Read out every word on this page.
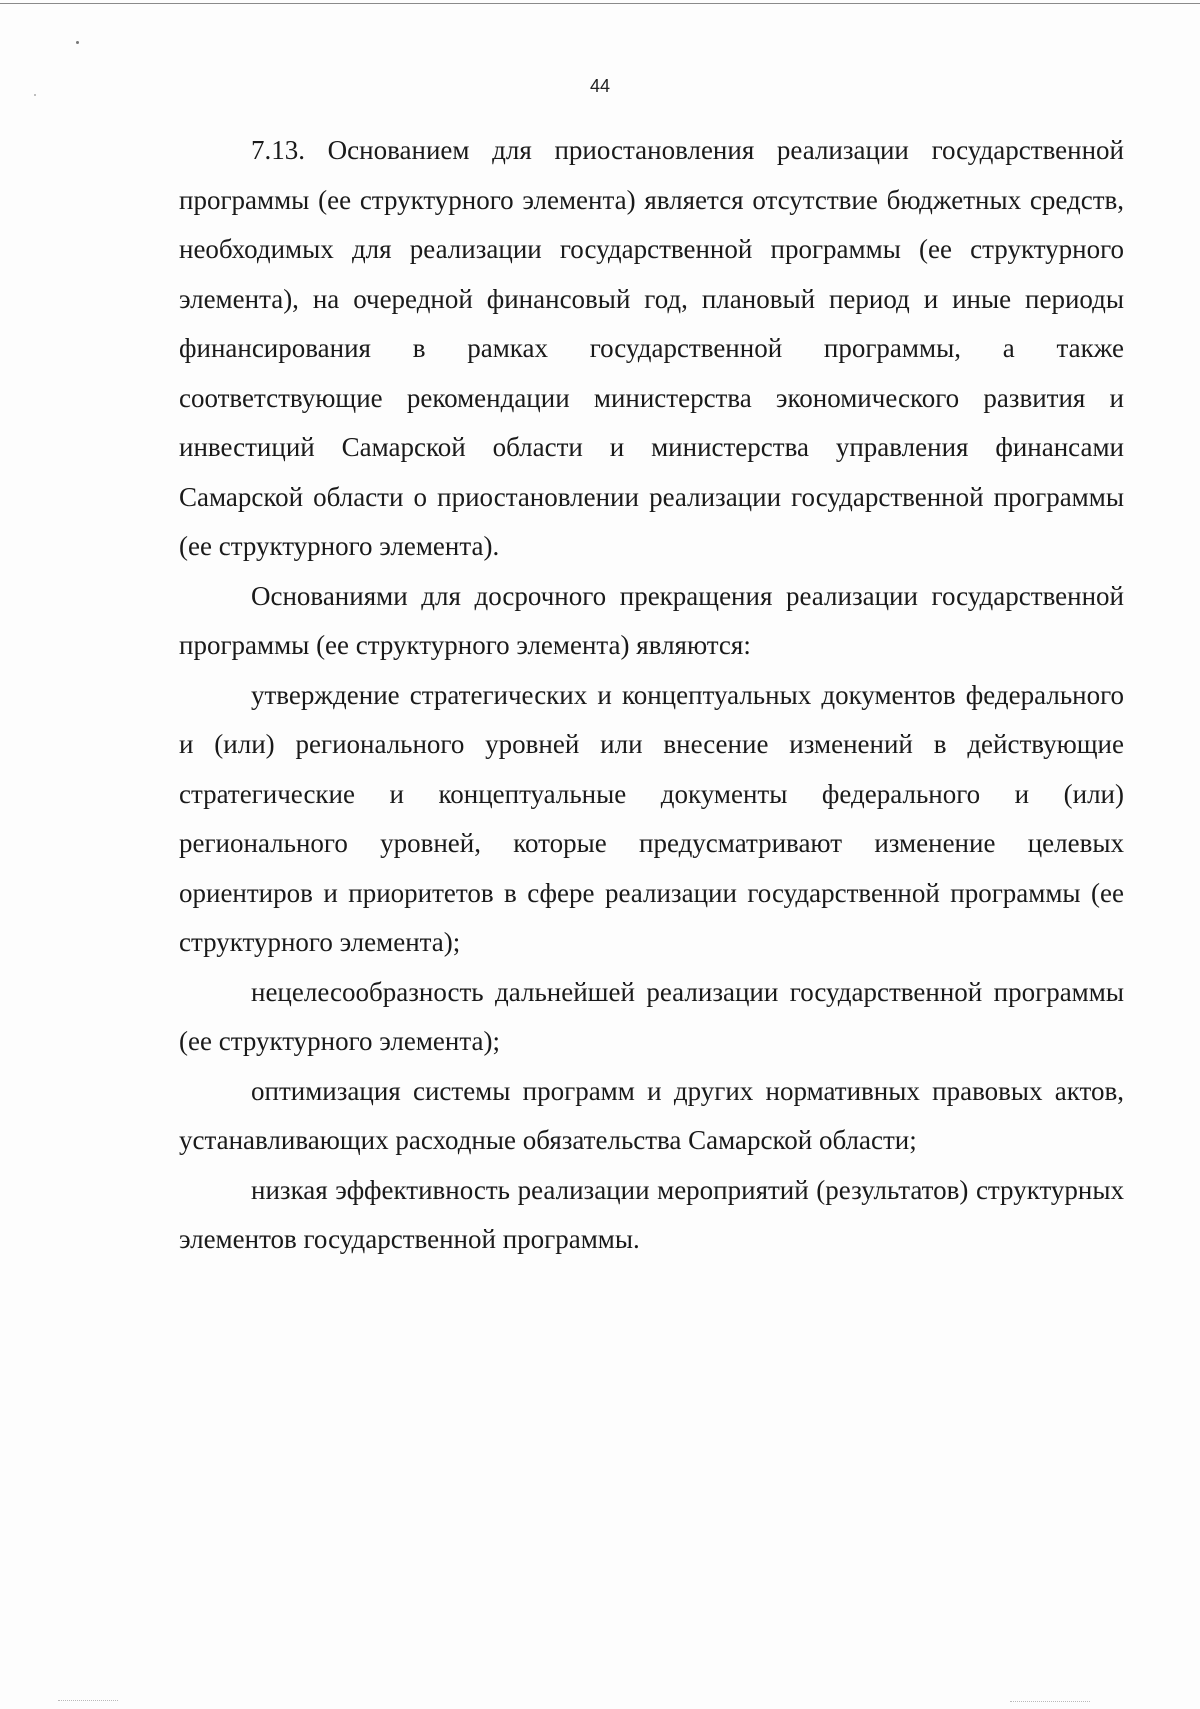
44

7.13. Основанием для приостановления реализации государственной программы (ее структурного элемента) является отсутствие бюджетных средств, необходимых для реализации государственной программы (ее структурного элемента), на очередной финансовый год, плановый период и иные периоды финансирования в рамках государственной программы, а также соответствующие рекомендации министерства экономического развития и инвестиций Самарской области и министерства управления финансами Самарской области о приостановлении реализации государственной программы (ее структурного элемента).

Основаниями для досрочного прекращения реализации государственной программы (ее структурного элемента) являются:

утверждение стратегических и концептуальных документов федерального и (или) регионального уровней или внесение изменений в действующие стратегические и концептуальные документы федерального и (или) регионального уровней, которые предусматривают изменение целевых ориентиров и приоритетов в сфере реализации государственной программы (ее структурного элемента);

нецелесообразность дальнейшей реализации государственной программы (ее структурного элемента);

оптимизация системы программ и других нормативных правовых актов, устанавливающих расходные обязательства Самарской области;

низкая эффективность реализации мероприятий (результатов) структурных элементов государственной программы.
